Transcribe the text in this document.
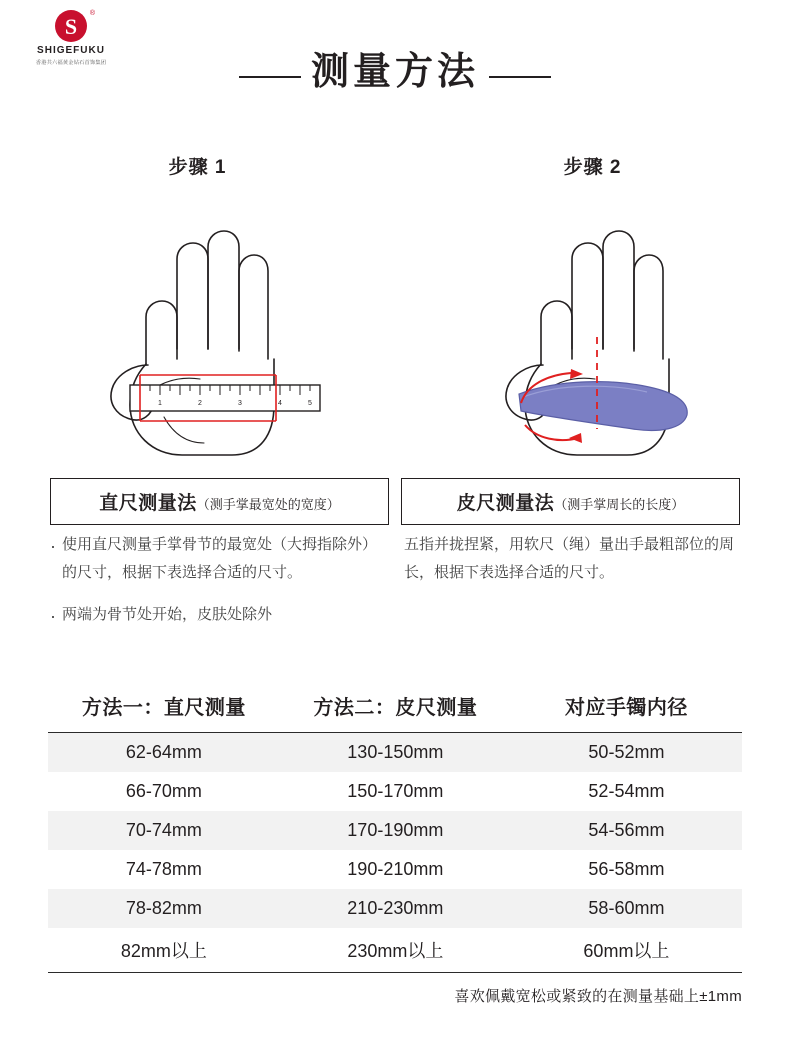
S
®
SHIGEFUKU
香港共六福黄金钻石首饰集团	测量方法
步骤 1
1	2	3	4	5
步骤 2
直尺测量法（测手掌最宽处的宽度）	皮尺测量法（测手掌周长的长度）
· 使用直尺测量手掌骨节的最宽处（大拇指除外）的尺寸，根据下表选择合适的尺寸。
· 两端为骨节处开始，皮肤处除外
五指并拢捏紧，用软尺（绳）量出手最粗部位的周长，根据下表选择合适的尺寸。
方法一：直尺测量	方法二：皮尺测量	对应手镯内径
62-64mm	130-150mm	50-52mm
66-70mm	150-170mm	52-54mm
70-74mm	170-190mm	54-56mm
74-78mm	190-210mm	56-58mm
78-82mm	210-230mm	58-60mm
82mm以上	230mm以上	60mm以上
喜欢佩戴宽松或紧致的在测量基础上±1mm
